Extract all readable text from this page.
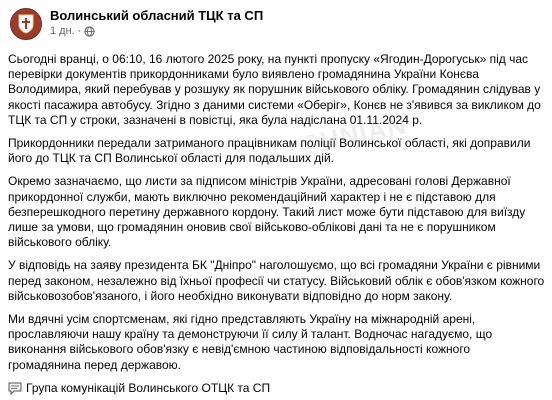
Волинський обласний ТЦК та СП
1 дн. ·

Сьогодні вранці, о 06:10, 16 лютого 2025 року, на пункті пропуску «Ягодин-Дорогуськ» під час перевірки документів прикордонниками було виявлено громадянина України Конєва Володимира, який перебував у розшуку як порушник військового обліку. Громадянин слідував у якості пасажира автобусу. Згідно з даними системи «Оберіг», Конєв не з'явився за викликом до ТЦК та СП у строки, зазначені в повістці, яка була надіслана 01.11.2024 р.

Прикордонники передали затриманого працівникам поліції Волинської області, які доправили його до ТЦК та СП Волинської області для подальших дій.

Окремо зазначаємо, що листи за підписом міністрів України, адресовані голові Державної прикордонної служби, мають виключно рекомендаційний характер і не є підставою для безперешкодного перетину державного кордону. Такий лист може бути підставою для виїзду лише за умови, що громадянин оновив свої військово-облікові дані та не є порушником військового обліку.

У відповідь на заяву президента БК "Дніпро" наголошуємо, що всі громадяни України є рівними перед законом, незалежно від їхньої професії чи статусу. Військовий облік є обов'язком кожного військовозобов'язаного, і його необхідно виконувати відповідно до норм закону.

Ми вдячні усім спортсменам, які гідно представляють Україну на міжнародній арені, прославляючи нашу країну та демонструючи її силу й талант. Водночас нагадуємо, що виконання військового обов'язку є невід'ємною частиною відповідальності кожного громадянина перед державою.

Група комунікацій Волинського ОТЦК та СП
©UNIAN
